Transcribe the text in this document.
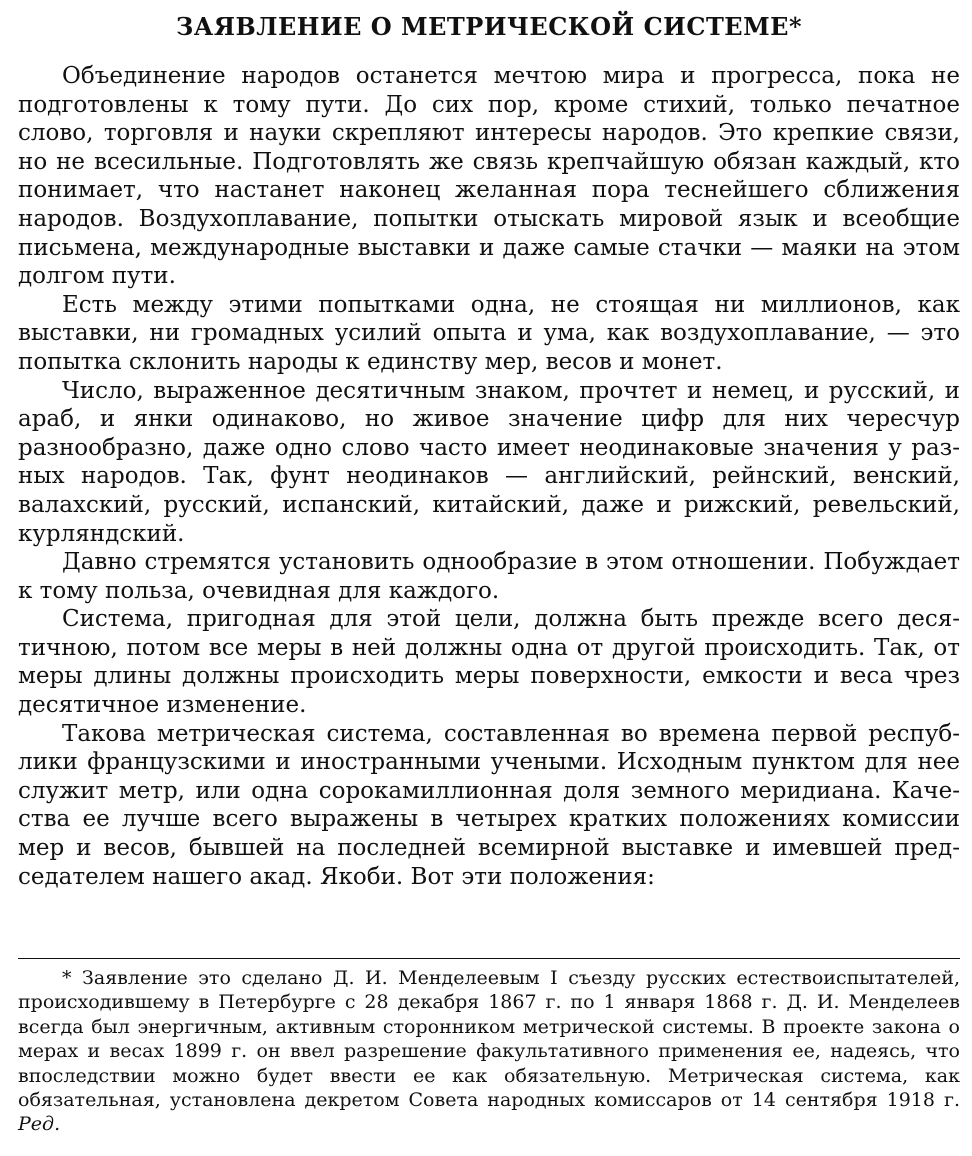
ЗАЯВЛЕНИЕ О МЕТРИЧЕСКОЙ СИСТЕМЕ*

Объединение народов останется мечтою мира и прогресса, пока не подготовлены к тому пути. До сих пор, кроме стихий, только печатное слово, торговля и науки скрепляют интересы народов. Это крепкие связи, но не всесильные. Подготовлять же связь крепчайшую обязан каждый, кто понимает, что настанет наконец желанная пора теснейшего сближения народов. Воздухоплавание, попытки отыскать мировой язык и всеобщие письмена, международные выставки и даже самые стачки — маяки на этом долгом пути.

Есть между этими попытками одна, не стоящая ни миллионов, как выставки, ни громадных усилий опыта и ума, как воздухоплавание, — это попытка склонить народы к единству мер, весов и монет.

Число, выраженное десятичным знаком, прочтет и немец, и русский, и араб, и янки одинаково, но живое значение цифр для них чересчур разнообразно, даже одно слово часто имеет неодинаковые значения у разных народов. Так, фунт неодинаков — английский, рейнский, венский, валахский, русский, испанский, китайский, даже и рижский, ревельский, курляндский.

Давно стремятся установить однообразие в этом отношении. Побуждает к тому польза, очевидная для каждого.

Система, пригодная для этой цели, должна быть прежде всего десятичною, потом все меры в ней должны одна от другой происходить. Так, от меры длины должны происходить меры поверхности, емкости и веса чрез десятичное изменение.

Такова метрическая система, составленная во времена первой республики французскими и иностранными учеными. Исходным пунктом для нее служит метр, или одна сорокамиллионная доля земного меридиана. Качества ее лучше всего выражены в четырех кратких положениях комиссии мер и весов, бывшей на последней всемирной выставке и имевшей председателем нашего акад. Якоби. Вот эти положения:

* Заявление это сделано Д. И. Менделеевым I съезду русских естествоиспытателей, происходившему в Петербурге с 28 декабря 1867 г. по 1 января 1868 г. Д. И. Менделеев всегда был энергичным, активным сторонником метрической системы. В проекте закона о мерах и весах 1899 г. он ввел разрешение факультативного применения ее, надеясь, что впоследствии можно будет ввести ее как обязательную. Метрическая система, как обязательная, установлена декретом Совета народных комиссаров от 14 сентября 1918 г. Ред.
